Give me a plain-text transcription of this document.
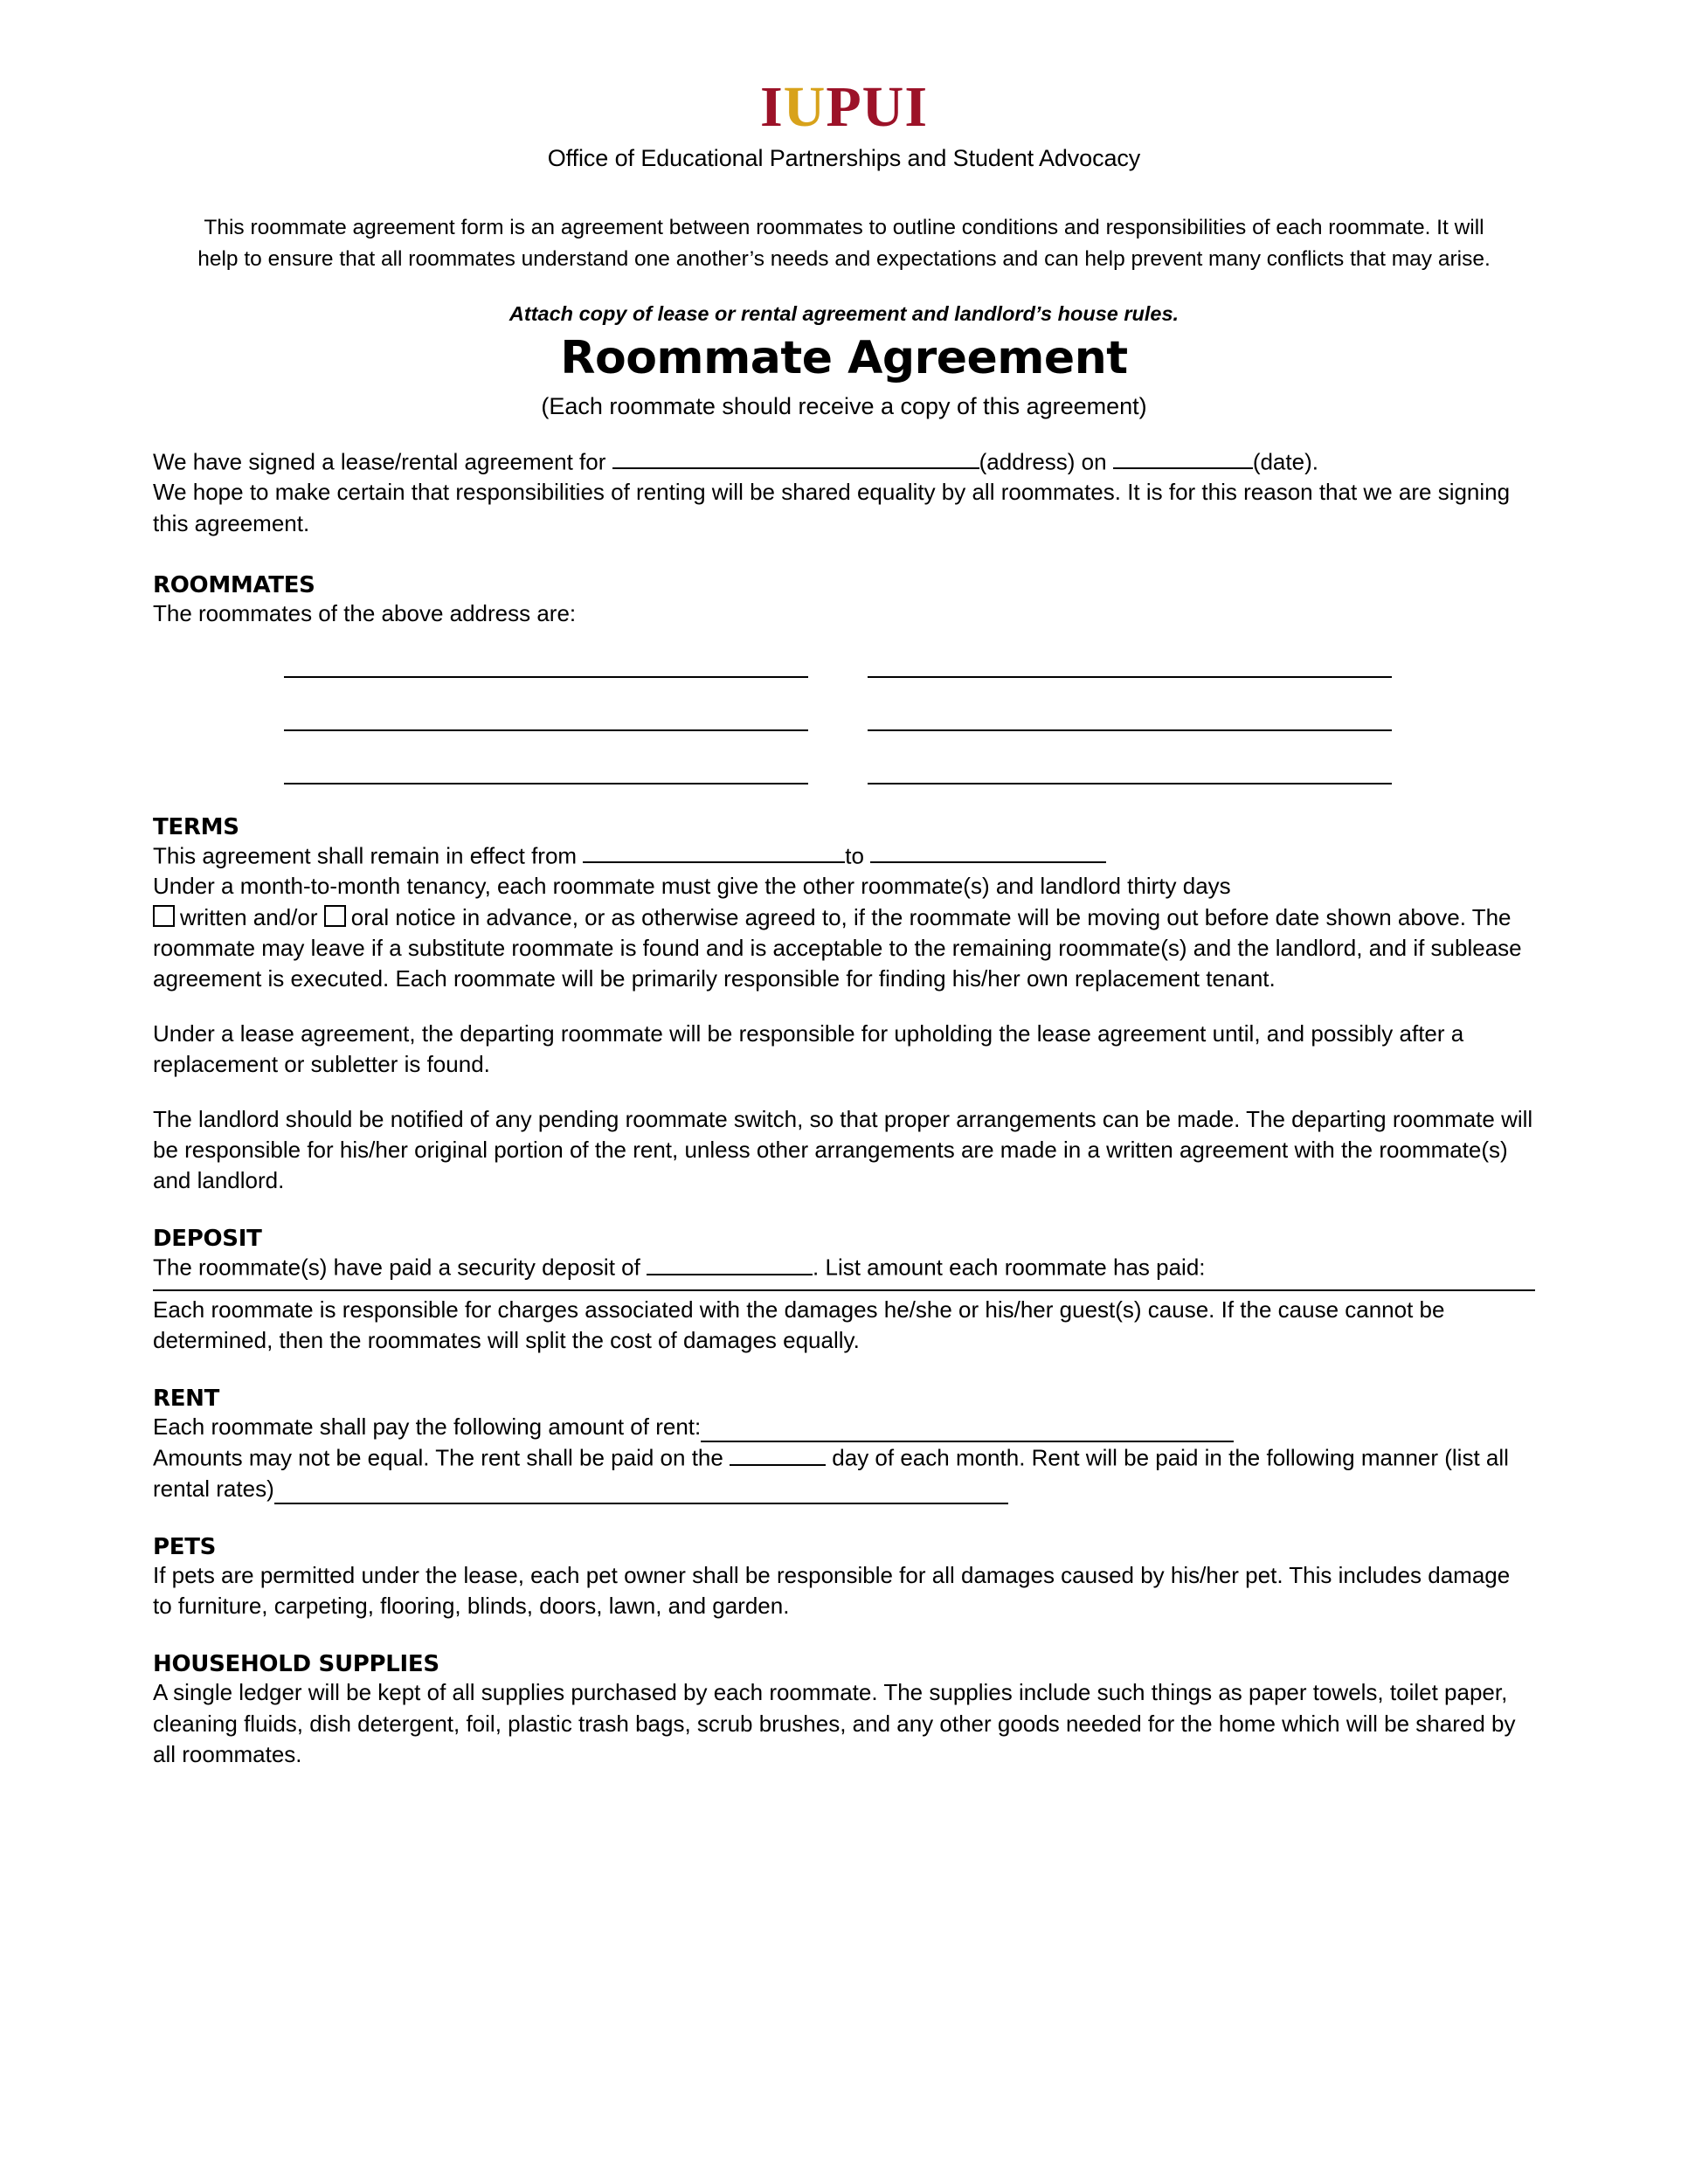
IUPUI
Office of Educational Partnerships and Student Advocacy
This roommate agreement form is an agreement between roommates to outline conditions and responsibilities of each roommate. It will help to ensure that all roommates understand one another’s needs and expectations and can help prevent many conflicts that may arise.
Attach copy of lease or rental agreement and landlord’s house rules.
Roommate Agreement
(Each roommate should receive a copy of this agreement)
We have signed a lease/rental agreement for	(address) on	(date).
We hope to make certain that responsibilities of renting will be shared equality by all roommates. It is for this reason that we are signing this agreement.
ROOMMATES
The roommates of the above address are:
TERMS
This agreement shall remain in effect from	to
Under a month-to-month tenancy, each roommate must give the other roommate(s) and landlord thirty days
written and/or oral notice in advance, or as otherwise agreed to, if the roommate will be moving out before date shown above. The roommate may leave if a substitute roommate is found and is acceptable to the remaining roommate(s) and the landlord, and if sublease agreement is executed. Each roommate will be primarily responsible for finding his/her own replacement tenant.
Under a lease agreement, the departing roommate will be responsible for upholding the lease agreement until, and possibly after a replacement or subletter is found.
The landlord should be notified of any pending roommate switch, so that proper arrangements can be made. The departing roommate will be responsible for his/her original portion of the rent, unless other arrangements are made in a written agreement with the roommate(s) and landlord.
DEPOSIT
The roommate(s) have paid a security deposit of	. List amount each roommate has paid:
Each roommate is responsible for charges associated with the damages he/she or his/her guest(s) cause. If the cause cannot be determined, then the roommates will split the cost of damages equally.
RENT
Each roommate shall pay the following amount of rent:
Amounts may not be equal. The rent shall be paid on the	day of each month. Rent will be paid in the following manner (list all rental rates)
PETS
If pets are permitted under the lease, each pet owner shall be responsible for all damages caused by his/her pet. This includes damage to furniture, carpeting, flooring, blinds, doors, lawn, and garden.
HOUSEHOLD SUPPLIES
A single ledger will be kept of all supplies purchased by each roommate. The supplies include such things as paper towels, toilet paper, cleaning fluids, dish detergent, foil, plastic trash bags, scrub brushes, and any other goods needed for the home which will be shared by all roommates.
